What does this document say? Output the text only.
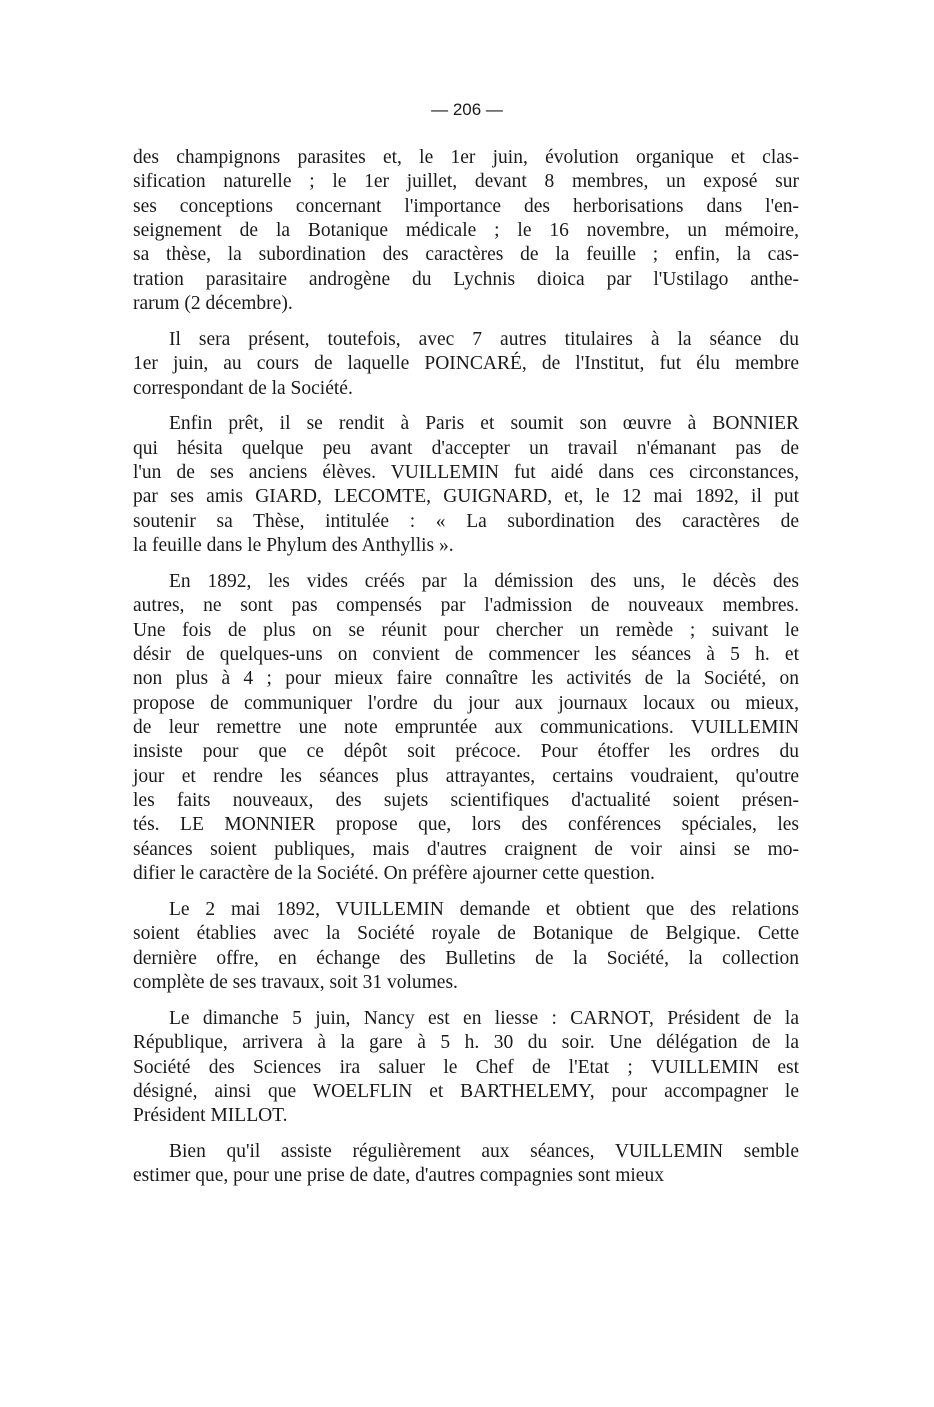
— 206 —
des champignons parasites et, le 1er juin, évolution organique et clas-
sification naturelle ; le 1er juillet, devant 8 membres, un exposé sur
ses conceptions concernant l'importance des herborisations dans l'en-
seignement de la Botanique médicale ; le 16 novembre, un mémoire,
sa thèse, la subordination des caractères de la feuille ; enfin, la cas-
tration parasitaire androgène du Lychnis dioica par l'Ustilago anthe-
rarum (2 décembre).
Il sera présent, toutefois, avec 7 autres titulaires à la séance du
1er juin, au cours de laquelle POINCARÉ, de l'Institut, fut élu membre
correspondant de la Société.
Enfin prêt, il se rendit à Paris et soumit son œuvre à BONNIER
qui hésita quelque peu avant d'accepter un travail n'émanant pas de
l'un de ses anciens élèves. VUILLEMIN fut aidé dans ces circonstances,
par ses amis GIARD, LECOMTE, GUIGNARD, et, le 12 mai 1892, il put
soutenir sa Thèse, intitulée : « La subordination des caractères de
la feuille dans le Phylum des Anthyllis ».
En 1892, les vides créés par la démission des uns, le décès des
autres, ne sont pas compensés par l'admission de nouveaux membres.
Une fois de plus on se réunit pour chercher un remède ; suivant le
désir de quelques-uns on convient de commencer les séances à 5 h. et
non plus à 4 ; pour mieux faire connaître les activités de la Société, on
propose de communiquer l'ordre du jour aux journaux locaux ou mieux,
de leur remettre une note empruntée aux communications. VUILLEMIN
insiste pour que ce dépôt soit précoce. Pour étoffer les ordres du
jour et rendre les séances plus attrayantes, certains voudraient, qu'outre
les faits nouveaux, des sujets scientifiques d'actualité soient présen-
tés. LE MONNIER propose que, lors des conférences spéciales, les
séances soient publiques, mais d'autres craignent de voir ainsi se mo-
difier le caractère de la Société. On préfère ajourner cette question.
Le 2 mai 1892, VUILLEMIN demande et obtient que des relations
soient établies avec la Société royale de Botanique de Belgique. Cette
dernière offre, en échange des Bulletins de la Société, la collection
complète de ses travaux, soit 31 volumes.
Le dimanche 5 juin, Nancy est en liesse : CARNOT, Président de la
République, arrivera à la gare à 5 h. 30 du soir. Une délégation de la
Société des Sciences ira saluer le Chef de l'Etat ; VUILLEMIN est
désigné, ainsi que WOELFLIN et BARTHELEMY, pour accompagner le
Président MILLOT.
Bien qu'il assiste régulièrement aux séances, VUILLEMIN semble
estimer que, pour une prise de date, d'autres compagnies sont mieux
